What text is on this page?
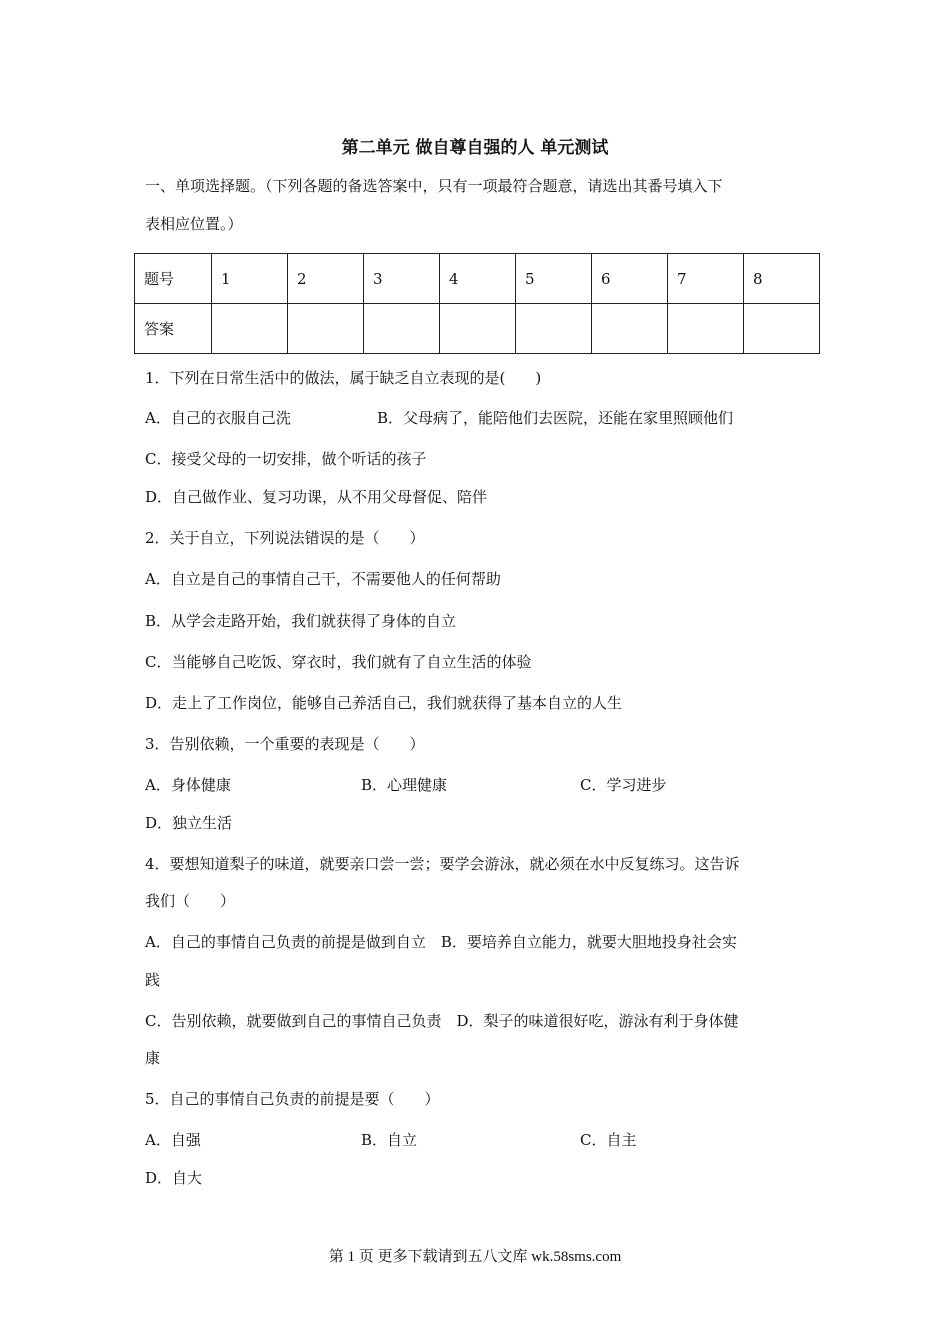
第二单元 做自尊自强的人 单元测试
一、单项选择题。（下列各题的备选答案中，只有一项最符合题意，请选出其番号填入下
表相应位置。）
题号	1	2	3	4	5	6	7	8
答案								
1．下列在日常生活中的做法，属于缺乏自立表现的是(　　)
A．自己的衣服自己洗	B．父母病了，能陪他们去医院，还能在家里照顾他们
C．接受父母的一切安排，做个听话的孩子
D．自己做作业、复习功课，从不用父母督促、陪伴
2．关于自立，下列说法错误的是（　　）
A．自立是自己的事情自己干，不需要他人的任何帮助
B．从学会走路开始，我们就获得了身体的自立
C．当能够自己吃饭、穿衣时，我们就有了自立生活的体验
D．走上了工作岗位，能够自己养活自己，我们就获得了基本自立的人生
3．告别依赖，一个重要的表现是（　　）
A．身体健康	B．心理健康	C．学习进步
D．独立生活
4．要想知道梨子的味道，就要亲口尝一尝；要学会游泳，就必须在水中反复练习。这告诉
我们（　　）
A．自己的事情自己负责的前提是做到自立　B．要培养自立能力，就要大胆地投身社会实
践
C．告别依赖，就要做到自己的事情自己负责　D．梨子的味道很好吃，游泳有利于身体健
康
5．自己的事情自己负责的前提是要（　　）
A．自强	B．自立	C．自主
D．自大
第 1 页 更多下载请到五八文库 wk.58sms.com
